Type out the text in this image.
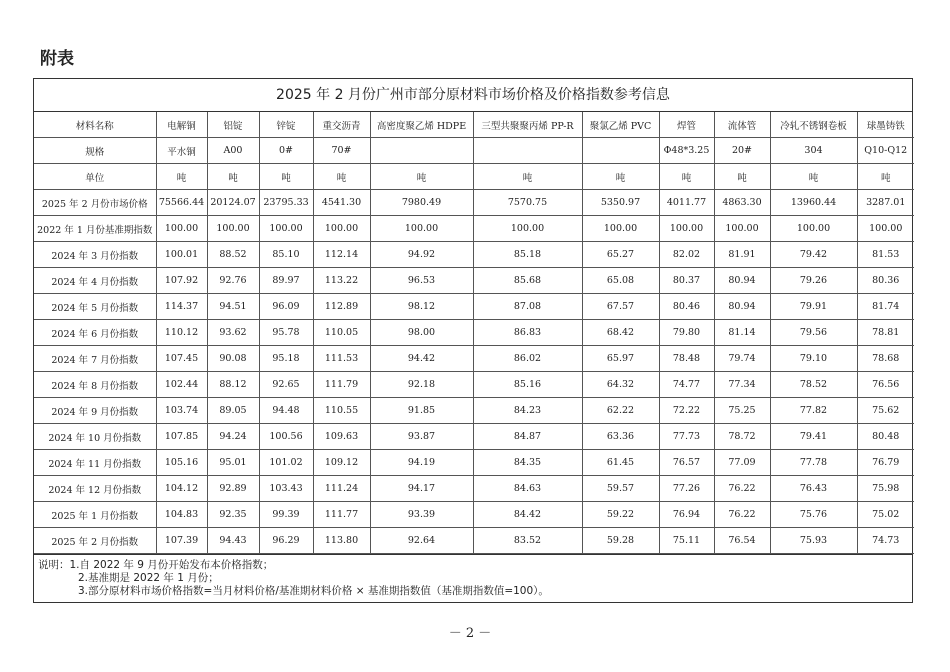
附表
2025 年 2 月份广州市部分原材料市场价格及价格指数参考信息
材料名称	电解铜	铝锭	锌锭	重交沥青	高密度聚乙烯 HDPE	三型共聚聚丙烯 PP-R	聚氯乙烯 PVC	焊管	流体管	冷轧不锈钢卷板	球墨铸铁
规格	平水铜	A00	0#	70#				Φ48*3.25	20#	304	Q10-Q12
单位	吨	吨	吨	吨	吨	吨	吨	吨	吨	吨	吨
2025 年 2 月份市场价格	75566.44	20124.07	23795.33	4541.30	7980.49	7570.75	5350.97	4011.77	4863.30	13960.44	3287.01
2022 年 1 月份基准期指数	100.00	100.00	100.00	100.00	100.00	100.00	100.00	100.00	100.00	100.00	100.00
2024 年 3 月份指数	100.01	88.52	85.10	112.14	94.92	85.18	65.27	82.02	81.91	79.42	81.53
2024 年 4 月份指数	107.92	92.76	89.97	113.22	96.53	85.68	65.08	80.37	80.94	79.26	80.36
2024 年 5 月份指数	114.37	94.51	96.09	112.89	98.12	87.08	67.57	80.46	80.94	79.91	81.74
2024 年 6 月份指数	110.12	93.62	95.78	110.05	98.00	86.83	68.42	79.80	81.14	79.56	78.81
2024 年 7 月份指数	107.45	90.08	95.18	111.53	94.42	86.02	65.97	78.48	79.74	79.10	78.68
2024 年 8 月份指数	102.44	88.12	92.65	111.79	92.18	85.16	64.32	74.77	77.34	78.52	76.56
2024 年 9 月份指数	103.74	89.05	94.48	110.55	91.85	84.23	62.22	72.22	75.25	77.82	75.62
2024 年 10 月份指数	107.85	94.24	100.56	109.63	93.87	84.87	63.36	77.73	78.72	79.41	80.48
2024 年 11 月份指数	105.16	95.01	101.02	109.12	94.19	84.35	61.45	76.57	77.09	77.78	76.79
2024 年 12 月份指数	104.12	92.89	103.43	111.24	94.17	84.63	59.57	77.26	76.22	76.43	75.98
2025 年 1 月份指数	104.83	92.35	99.39	111.77	93.39	84.42	59.22	76.94	76.22	75.76	75.02
2025 年 2 月份指数	107.39	94.43	96.29	113.80	92.64	83.52	59.28	75.11	76.54	75.93	74.73
说明：1.自 2022 年 9 月份开始发布本价格指数；
2.基准期是 2022 年 1 月份；
3.部分原材料市场价格指数=当月材料价格/基准期材料价格 × 基准期指数值（基准期指数值=100）。
－ 2 －
